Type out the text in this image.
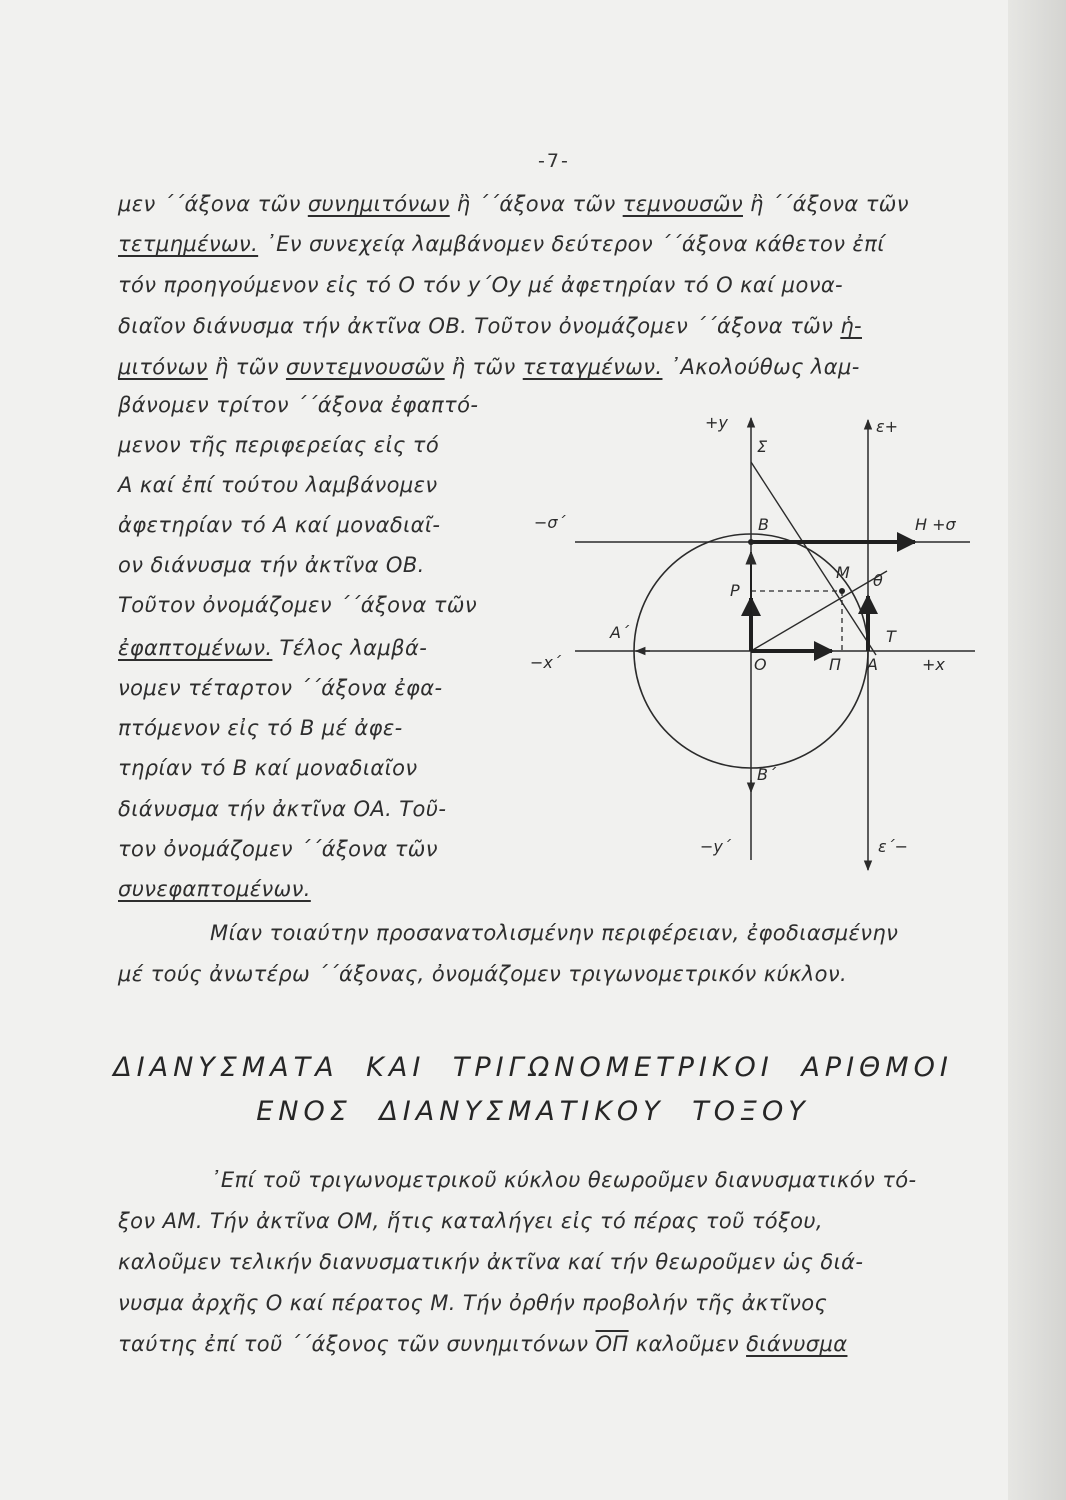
-7-
μεν ΄΄άξονα τῶν συνημιτόνων ἢ ΄΄άξονα τῶν τεμνουσῶν ἢ ΄΄άξονα τῶν
τετμημένων. ᾿Εν συνεχείᾳ λαμβάνομεν δεύτερον ΄΄άξονα κάθετον ἐπί
τόν προηγούμενον εἰς τό Ο τόν y΄Oy μέ ἀφετηρίαν τό Ο καί μονα-
διαῖον διάνυσμα τήν ἀκτῖνα ΟΒ. Τοῦτον ὀνομάζομεν ΄΄άξονα τῶν ἡ-
μιτόνων ἢ τῶν συντεμνουσῶν ἢ τῶν τεταγμένων. ᾿Ακολούθως λαμ-
βάνομεν τρίτον ΄΄άξονα ἐφαπτό-
μενον τῆς περιφερείας εἰς τό
Α καί ἐπί τούτου λαμβάνομεν
ἀφετηρίαν τό Α καί μοναδιαῖ-
ον διάνυσμα τήν ἀκτῖνα ΟΒ.
Τοῦτον ὀνομάζομεν ΄΄άξονα τῶν
ἐφαπτομένων. Τέλος λαμβά-
νομεν τέταρτον ΄΄άξονα ἐφα-
πτόμενον εἰς τό Β μέ ἀφε-
τηρίαν τό Β καί μοναδιαῖον
διάνυσμα τήν ἀκτῖνα ΟΑ. Τοῦ-
τον ὀνομάζομεν ΄΄άξονα τῶν
συνεφαπτομένων.
Μίαν τοιαύτην προσανατολισμένην περιφέρειαν, ἐφοδιασμένην
μέ τούς ἀνωτέρω ΄΄άξονας, ὀνομάζομεν τριγωνομετρικόν κύκλον.
ΔΙΑΝΥΣΜΑΤΑ ΚΑΙ ΤΡΙΓΩΝΟΜΕΤΡΙΚΟΙ ΑΡΙΘΜΟΙ
ΕΝΟΣ ΔΙΑΝΥΣΜΑΤΙΚΟΥ ΤΟΞΟΥ
᾿Επί τοῦ τριγωνομετρικοῦ κύκλου θεωροῦμεν διανυσματικόν τό-
ξον ΑΜ. Τήν ἀκτῖνα ΟΜ, ἥτις καταλήγει εἰς τό πέρας τοῦ τόξου,
καλοῦμεν τελικήν διανυσματικήν ἀκτῖνα καί τήν θεωροῦμεν ὡς διά-
νυσμα ἀρχῆς Ο καί πέρατος Μ. Τήν ὀρθήν προβολήν τῆς ἀκτῖνος
ταύτης ἐπί τοῦ ΄΄άξονος τῶν συνημιτόνων $\overline{O\Pi}$ καλοῦμεν διάνυσμα
+y	ε+
Σ
−σ΄	Β	Η +σ
Μ θ
Ρ
Α΄	Τ
−x΄	Ο	Π Α	+x
Β΄
−y΄	ε΄−
